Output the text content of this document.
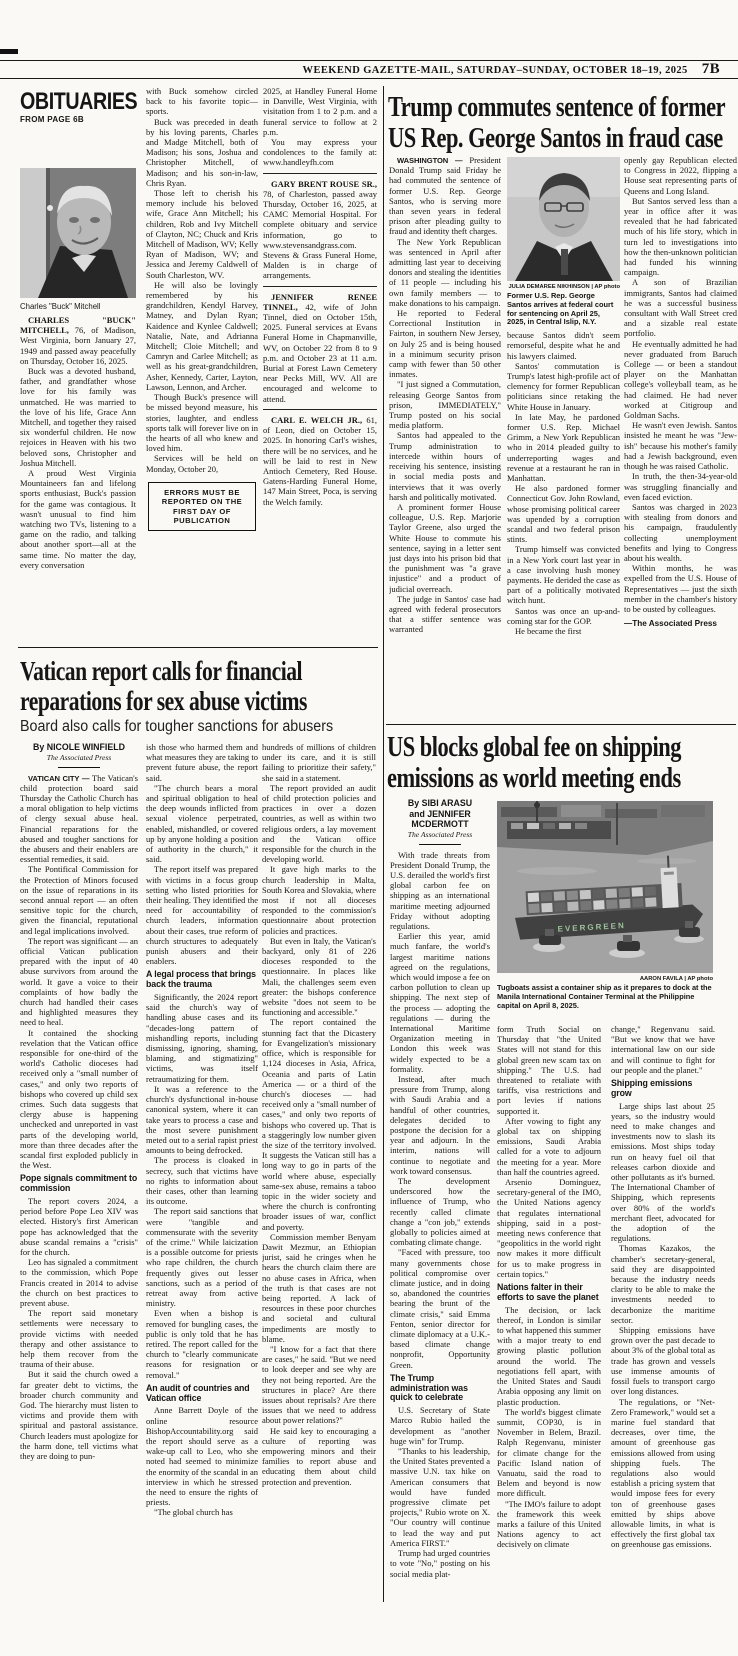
WEEKEND GAZETTE-MAIL, SATURDAY–SUNDAY, OCTOBER 18–19, 2025 7B
OBITUARIES
FROM PAGE 6B

Charles "Buck" Mitchell

CHARLES "BUCK" MITCHELL, 76, of Madison, West Virginia, born January 27, 1949 and passed away peacefully on Thursday, October 16, 2025.

Buck was a devoted husband, father, and grandfather whose love for his family was unmatched. He was married to the love of his life, Grace Ann Mitchell, and together they raised six wonderful children. He now rejoices in Heaven with his two beloved sons, Christopher and Joshua Mitchell.

A proud West Virginia Mountaineers fan and lifelong sports enthusiast, Buck's passion for the game was contagious. It wasn't unusual to find him watching two TVs, listening to a game on the radio, and talking about another sport—all at the same time. No matter the day, every conversation

with Buck somehow circled back to his favorite topic—sports.

Buck was preceded in death by his loving parents, Charles and Madge Mitchell, both of Madison; his sons, Joshua and Christopher Mitchell, of Madison; and his son-in-law, Chris Ryan.

Those left to cherish his memory include his beloved wife, Grace Ann Mitchell; his children, Rob and Ivy Mitchell of Clayton, NC; Chuck and Kris Mitchell of Madison, WV; Kelly Ryan of Madison, WV; and Jessica and Jeremy Caldwell of South Charleston, WV.

He will also be lovingly remembered by his grandchildren, Kendyl Harvey, Matney, and Dylan Ryan; Kaidence and Kynlee Caldwell; Natalie, Nate, and Adrianna Mitchell; Cloie Mitchell; and Camryn and Carlee Mitchell; as well as his great-grandchildren, Asher, Kennedy, Carter, Layton, Lawson, Lennon, and Archer.

Though Buck's presence will be missed beyond measure, his stories, laughter, and endless sports talk will forever live on in the hearts of all who knew and loved him.

Services will be held on Monday, October 20,

ERRORS MUST BE REPORTED ON THE FIRST DAY OF PUBLICATION

2025, at Handley Funeral Home in Danville, West Virginia, with visitation from 1 to 2 p.m. and a funeral service to follow at 2 p.m.

You may express your condolences to the family at: www.handleyfh.com

GARY BRENT ROUSE SR., 78, of Charleston, passed away Thursday, October 16, 2025, at CAMC Memorial Hospital. For complete obituary and service information, go to www.stevensandgrass.com. Stevens & Grass Funeral Home, Malden is in charge of arrangements.

JENNIFER RENEE TINNEL, 42, wife of John Tinnel, died on October 15th, 2025. Funeral services at Evans Funeral Home in Chapmanville, WV, on October 22 from 8 to 9 p.m. and October 23 at 11 a.m. Burial at Forest Lawn Cemetery near Pecks Mill, WV. All are encouraged and welcome to attend.

CARL E. WELCH JR., 61, of Leon, died on October 15, 2025. In honoring Carl's wishes, there will be no services, and he will be laid to rest in New Antioch Cemetery, Red House. Gatens-Harding Funeral Home, 147 Main Street, Poca, is serving the Welch family.

Trump commutes sentence of former
US Rep. George Santos in fraud case

WASHINGTON — President Donald Trump said Friday he had commuted the sentence of former U.S. Rep. George Santos, who is serving more than seven years in federal prison after pleading guilty to fraud and identity theft charges.

The New York Republican was sentenced in April after admitting last year to deceiving donors and stealing the identities of 11 people — including his own family members — to make donations to his campaign.

He reported to Federal Correctional Institution in Fairton, in southern New Jersey, on July 25 and is being housed in a minimum security prison camp with fewer than 50 other inmates.

"I just signed a Commutation, releasing George Santos from prison, IMMEDIATELY," Trump posted on his social media platform.

Santos had appealed to the Trump administration to intercede within hours of receiving his sentence, insisting in social media posts and interviews that it was overly harsh and politically motivated.

A prominent former House colleague, U.S. Rep. Marjorie Taylor Greene, also urged the White House to commute his sentence, saying in a letter sent just days into his prison bid that the punishment was "a grave injustice" and a product of judicial overreach.

The judge in Santos' case had agreed with federal prosecutors that a stiffer sentence was warranted

JULIA DEMAREE NIKHINSON | AP photo

Former U.S. Rep. George Santos arrives at federal court for sentencing on April 25, 2025, in Central Islip, N.Y.

because Santos didn't seem remorseful, despite what he and his lawyers claimed.

Santos' commutation is Trump's latest high-profile act of clemency for former Republican politicians since retaking the White House in January.

In late May, he pardoned former U.S. Rep. Michael Grimm, a New York Republican who in 2014 pleaded guilty to underreporting wages and revenue at a restaurant he ran in Manhattan.

He also pardoned former Connecticut Gov. John Rowland, whose promising political career was upended by a corruption scandal and two federal prison stints.

Trump himself was convicted in a New York court last year in a case involving hush money payments. He derided the case as part of a politically motivated witch hunt.

Santos was once an up-and-coming star for the GOP.

He became the first

openly gay Republican elected to Congress in 2022, flipping a House seat representing parts of Queens and Long Island.

But Santos served less than a year in office after it was revealed that he had fabricated much of his life story, which in turn led to investigations into how the then-unknown politician had funded his winning campaign.

A son of Brazilian immigrants, Santos had claimed he was a successful business consultant with Wall Street cred and a sizable real estate portfolio.

He eventually admitted he had never graduated from Baruch College — or been a standout player on the Manhattan college's volleyball team, as he had claimed. He had never worked at Citigroup and Goldman Sachs.

He wasn't even Jewish. Santos insisted he meant he was "Jew-ish" because his mother's family had a Jewish background, even though he was raised Catholic.

In truth, the then-34-year-old was struggling financially and even faced eviction.

Santos was charged in 2023 with stealing from donors and his campaign, fraudulently collecting unemployment benefits and lying to Congress about his wealth.

Within months, he was expelled from the U.S. House of Representatives — just the sixth member in the chamber's history to be ousted by colleagues.

—The Associated Press

Vatican report calls for financial
reparations for sex abuse victims
Board also calls for tougher sanctions for abusers

By NICOLE WINFIELD

The Associated Press

VATICAN CITY — The Vatican's child protection board said Thursday the Catholic Church has a moral obligation to help victims of clergy sexual abuse heal. Financial reparations for the abused and tougher sanctions for the abusers and their enablers are essential remedies, it said.

The Pontifical Commission for the Protection of Minors focused on the issue of reparations in its second annual report — an often sensitive topic for the church, given the financial, reputational and legal implications involved.

The report was significant — an official Vatican publication prepared with the input of 40 abuse survivors from around the world. It gave a voice to their complaints of how badly the church had handled their cases and highlighted measures they need to heal.

It contained the shocking revelation that the Vatican office responsible for one-third of the world's Catholic dioceses had received only a "small number of cases," and only two reports of bishops who covered up child sex crimes. Such data suggests that clergy abuse is happening unchecked and unreported in vast parts of the developing world, more than three decades after the scandal first exploded publicly in the West.

Pope signals commitment to commission

The report covers 2024, a period before Pope Leo XIV was elected. History's first American pope has acknowledged that the abuse scandal remains a "crisis" for the church.

Leo has signaled a commitment to the commission, which Pope Francis created in 2014 to advise the church on best practices to prevent abuse.

The report said monetary settlements were necessary to provide victims with needed therapy and other assistance to help them recover from the trauma of their abuse.

But it said the church owed a far greater debt to victims, the broader church community and God. The hierarchy must listen to victims and provide them with spiritual and pastoral assistance. Church leaders must apologize for the harm done, tell victims what they are doing to pun-

ish those who harmed them and what measures they are taking to prevent future abuse, the report said.

"The church bears a moral and spiritual obligation to heal the deep wounds inflicted from sexual violence perpetrated, enabled, mishandled, or covered up by anyone holding a position of authority in the church," it said.

The report itself was prepared with victims in a focus group setting who listed priorities for their healing. They identified the need for accountability of church leaders, information about their cases, true reform of church structures to adequately punish abusers and their enablers.

A legal process that brings back the trauma

Significantly, the 2024 report said the church's way of handling abuse cases and its "decades-long pattern of mishandling reports, including dismissing, ignoring, shaming, blaming, and stigmatizing" victims, was itself retraumatizing for them.

It was a reference to the church's dysfunctional in-house canonical system, where it can take years to process a case and the most severe punishment meted out to a serial rapist priest amounts to being defrocked.

The process is cloaked in secrecy, such that victims have no rights to information about their cases, other than learning its outcome.

The report said sanctions that were "tangible and commensurate with the severity of the crime." While laicization is a possible outcome for priests who rape children, the church frequently gives out lesser sanctions, such as a period of retreat away from active ministry.

Even when a bishop is removed for bungling cases, the public is only told that he has retired. The report called for the church to "clearly communicate reasons for resignation or removal."

An audit of countries and Vatican office

Anne Barrett Doyle of the online resource BishopAccountability.org said the report should serve as a wake-up call to Leo, who she noted had seemed to minimize the enormity of the scandal in an interview in which he stressed the need to ensure the rights of priests.

"The global church has

hundreds of millions of children under its care, and it is still failing to prioritize their safety," she said in a statement.

The report provided an audit of child protection policies and practices in over a dozen countries, as well as within two religious orders, a lay movement and the Vatican office responsible for the church in the developing world.

It gave high marks to the church leadership in Malta, South Korea and Slovakia, where most if not all dioceses responded to the commission's questionnaire about protection policies and practices.

But even in Italy, the Vatican's backyard, only 81 of 226 dioceses responded to the questionnaire. In places like Mali, the challenges seem even greater: the bishops conference website "does not seem to be functioning and accessible."

The report contained the stunning fact that the Dicastery for Evangelization's missionary office, which is responsible for 1,124 dioceses in Asia, Africa, Oceania and parts of Latin America — or a third of the church's dioceses — had received only a "small number of cases," and only two reports of bishops who covered up. That is a staggeringly low number given the size of the territory involved. It suggests the Vatican still has a long way to go in parts of the world where abuse, especially same-sex abuse, remains a taboo topic in the wider society and where the church is confronting broader issues of war, conflict and poverty.

Commission member Benyam Dawit Mezmur, an Ethiopian jurist, said he cringes when he hears the church claim there are no abuse cases in Africa, when the truth is that cases are not being reported. A lack of resources in these poor churches and societal and cultural impediments are mostly to blame.

"I know for a fact that there are cases," he said. "But we need to look deeper and see why are they not being reported. Are the structures in place? Are there issues about reprisals? Are there issues that we need to address about power relations?"

He said key to encouraging a culture of reporting was empowering minors and their families to report abuse and educating them about child protection and prevention.

US blocks global fee on shipping
emissions as world meeting ends
EVERGREEN
AARON FAVILA | AP photo
Tugboats assist a container ship as it prepares to dock at the Manila International Container Terminal at the Philippine capital on April 8, 2025.

By SIBI ARASU

and JENNIFER

MCDERMOTT

The Associated Press

With trade threats from President Donald Trump, the U.S. derailed the world's first global carbon fee on shipping as an international maritime meeting adjourned Friday without adopting regulations.

Earlier this year, amid much fanfare, the world's largest maritime nations agreed on the regulations, which would impose a fee on carbon pollution to clean up shipping. The next step of the process — adopting the regulations — during the International Maritime Organization meeting in London this week was widely expected to be a formality.

Instead, after much pressure from Trump, along with Saudi Arabia and a handful of other countries, delegates decided to postpone the decision for a year and adjourn. In the interim, nations will continue to negotiate and work toward consensus.

The development underscored how the influence of Trump, who recently called climate change a "con job," extends globally to policies aimed at combating climate change.

"Faced with pressure, too many governments chose political compromise over climate justice, and in doing so, abandoned the countries bearing the brunt of the climate crisis," said Emma Fenton, senior director for climate diplomacy at a U.K.-based climate change nonprofit, Opportunity Green.

The Trump administration was quick to celebrate

U.S. Secretary of State Marco Rubio hailed the development as "another huge win" for Trump.

"Thanks to his leadership, the United States prevented a massive U.N. tax hike on American consumers that would have funded progressive climate pet projects," Rubio wrote on X. "Our country will continue to lead the way and put America FIRST."

Trump had urged countries to vote "No," posting on his social media plat-

form Truth Social on Thursday that "the United States will not stand for this global green new scam tax on shipping." The U.S. had threatened to retaliate with tariffs, visa restrictions and port levies if nations supported it.

After vowing to fight any global tax on shipping emissions, Saudi Arabia called for a vote to adjourn the meeting for a year. More than half the countries agreed.

Arsenio Dominguez, secretary-general of the IMO, the United Nations agency that regulates international shipping, said in a post-meeting news conference that "geopolitics in the world right now makes it more difficult for us to make progress in certain topics."

Nations falter in their efforts to save the planet

The decision, or lack thereof, in London is similar to what happened this summer with a major treaty to end growing plastic pollution around the world. The negotiations fell apart, with the United States and Saudi Arabia opposing any limit on plastic production.

The world's biggest climate summit, COP30, is in November in Belem, Brazil. Ralph Regenvanu, minister for climate change for the Pacific Island nation of Vanuatu, said the road to Belem and beyond is now more difficult.

"The IMO's failure to adopt the framework this week marks a failure of this United Nations agency to act decisively on climate

change," Regenvanu said. "But we know that we have international law on our side and will continue to fight for our people and the planet."

Shipping emissions grow

Large ships last about 25 years, so the industry would need to make changes and investments now to slash its emissions. Most ships today run on heavy fuel oil that releases carbon dioxide and other pollutants as it's burned. The International Chamber of Shipping, which represents over 80% of the world's merchant fleet, advocated for the adoption of the regulations.

Thomas Kazakos, the chamber's secretary-general, said they are disappointed because the industry needs clarity to be able to make the investments needed to decarbonize the maritime sector.

Shipping emissions have grown over the past decade to about 3% of the global total as trade has grown and vessels use immense amounts of fossil fuels to transport cargo over long distances.

The regulations, or "Net-Zero Framework," would set a marine fuel standard that decreases, over time, the amount of greenhouse gas emissions allowed from using shipping fuels. The regulations also would establish a pricing system that would impose fees for every ton of greenhouse gases emitted by ships above allowable limits, in what is effectively the first global tax on greenhouse gas emissions.
